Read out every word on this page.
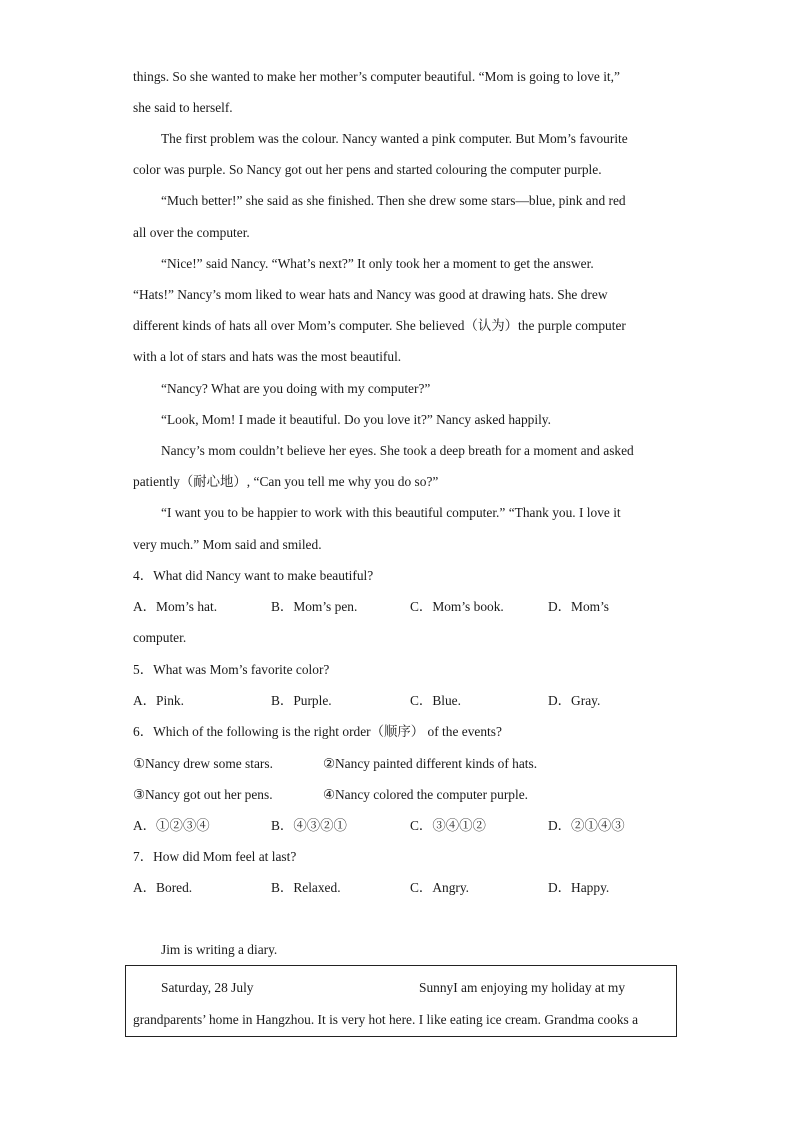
things. So she wanted to make her mother’s computer beautiful. “Mom is going to love it,”
she said to herself.
The first problem was the colour. Nancy wanted a pink computer. But Mom’s favourite
color was purple. So Nancy got out her pens and started colouring the computer purple.
“Much better!” she said as she finished. Then she drew some stars—blue, pink and red
all over the computer.
“Nice!” said Nancy. “What’s next?” It only took her a moment to get the answer.
“Hats!” Nancy’s mom liked to wear hats and Nancy was good at drawing hats. She drew
different kinds of hats all over Mom’s computer. She believed（认为）the purple computer
with a lot of stars and hats was the most beautiful.
“Nancy? What are you doing with my computer?”
“Look, Mom! I made it beautiful. Do you love it?” Nancy asked happily.
Nancy’s mom couldn’t believe her eyes. She took a deep breath for a moment and asked
patiently（耐心地）, “Can you tell me why you do so?”
“I want you to be happier to work with this beautiful computer.” “Thank you. I love it
very much.” Mom said and smiled.
4．What did Nancy want to make beautiful?
A．Mom’s hat.	B．Mom’s pen.	C．Mom’s book.	D．Mom’s
computer.
5．What was Mom’s favorite color?
A．Pink.	B．Purple.	C．Blue.	D．Gray.
6．Which of the following is the right order（顺序） of the events?
①Nancy drew some stars.	②Nancy painted different kinds of hats.
③Nancy got out her pens.	④Nancy colored the computer purple.
A．①②③④	B．④③②①	C．③④①②	D．②①④③
7．How did Mom feel at last?
A．Bored.	B．Relaxed.	C．Angry.	D．Happy.
Jim is writing a diary.
Saturday, 28 July	SunnyI am enjoying my holiday at my
grandparents’ home in Hangzhou. It is very hot here. I like eating ice cream. Grandma cooks a
